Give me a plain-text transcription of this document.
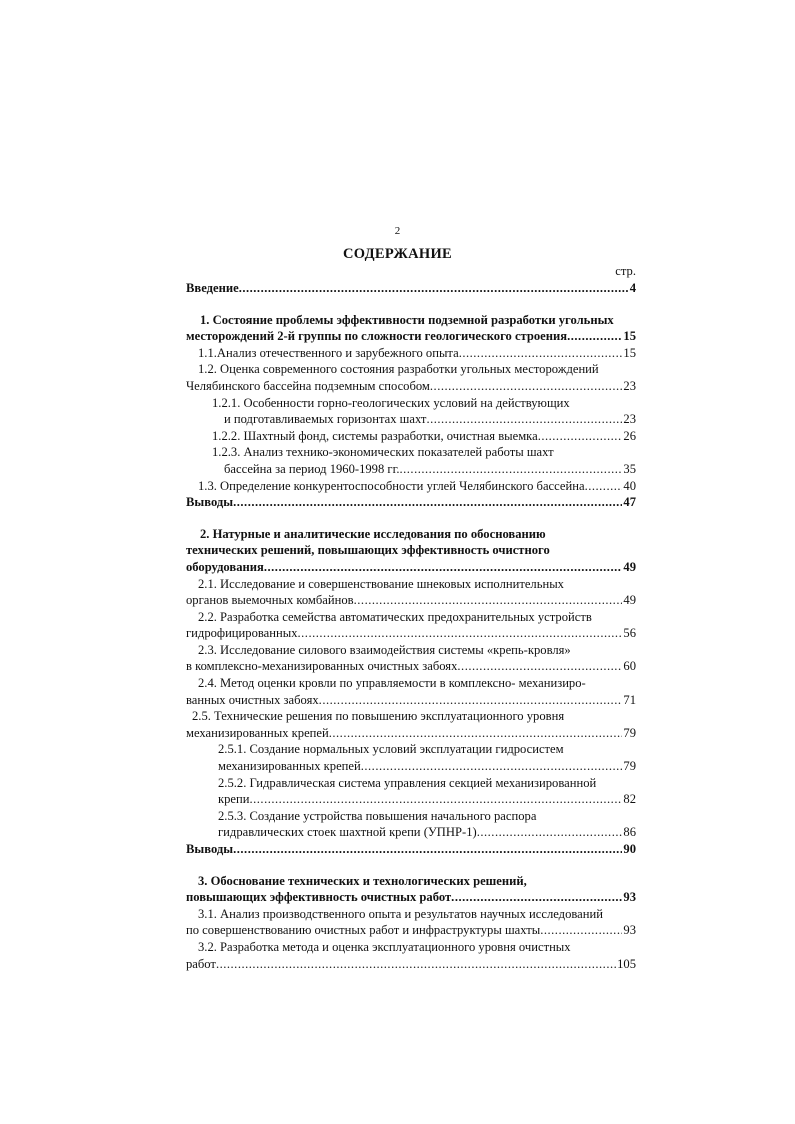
2
СОДЕРЖАНИЕ
стр.
Введение .....	4
1. Состояние проблемы эффективности подземной разработки угольных
месторождений 2-й группы по сложности геологического строения .....	15
1.1.Анализ отечественного и зарубежного опыта .....	15
1.2. Оценка современного состояния разработки угольных месторождений
Челябинского бассейна подземным способом .....	23
1.2.1. Особенности горно-геологических условий на действующих
и подготавливаемых горизонтах шахт .....	23
1.2.2. Шахтный фонд, системы разработки, очистная выемка .....	26
1.2.3. Анализ технико-экономических показателей работы шахт
бассейна за период 1960-1998 гг. .....	35
1.3. Определение конкурентоспособности углей Челябинского бассейна .....	40
Выводы .....	47
2. Натурные и аналитические исследования по обоснованию
технических решений, повышающих эффективность очистного
оборудования .....	49
2.1. Исследование и совершенствование шнековых исполнительных
органов выемочных комбайнов .....	49
2.2. Разработка семейства автоматических предохранительных устройств
гидрофицированных .....	56
2.3. Исследование силового взаимодействия системы «крепь-кровля»
в комплексно-механизированных очистных забоях .....	60
2.4. Метод оценки кровли по управляемости в комплексно- механизиро-
ванных очистных забоях .....	71
2.5. Технические решения по повышению эксплуатационного уровня
механизированных крепей .....	79
2.5.1. Создание нормальных условий эксплуатации гидросистем
механизированных крепей .....	79
2.5.2. Гидравлическая система управления секцией механизированной
крепи .....	82
2.5.3. Создание устройства повышения начального распора
гидравлических стоек шахтной крепи (УПНР-1) .....	86
Выводы .....	90
3. Обоснование технических и технологических решений,
повышающих эффективность очистных работ .....	93
3.1. Анализ производственного опыта и результатов научных исследований
по совершенствованию очистных работ и инфраструктуры шахты .....	93
3.2. Разработка метода и оценка эксплуатационного уровня очистных
работ .....	105
